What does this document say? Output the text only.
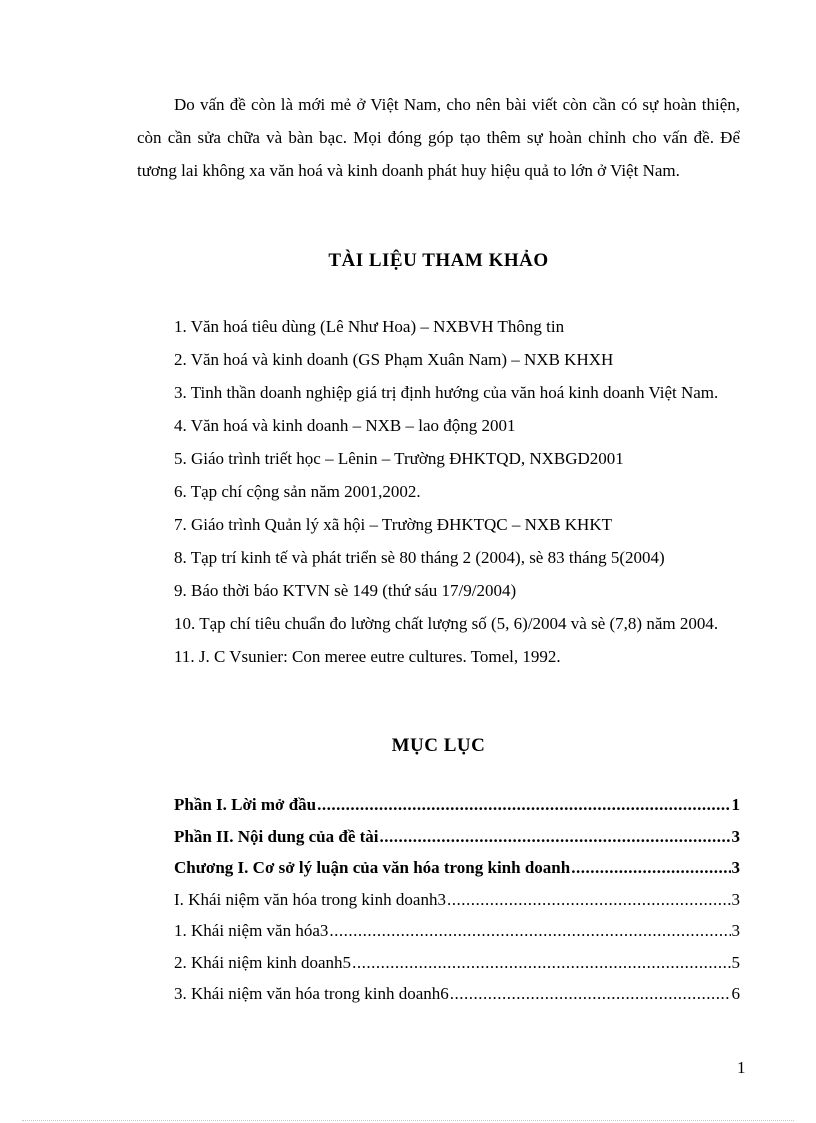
Do vấn đề còn là mới mẻ ở Việt Nam, cho nên bài viết còn cần có sự hoàn thiện, còn cần sửa chữa và bàn bạc. Mọi đóng góp tạo thêm sự hoàn chỉnh cho vấn đề. Để tương lai không xa văn hoá và kinh doanh phát huy hiệu quả to lớn ở Việt Nam.

TÀI LIỆU THAM KHẢO

1. Văn hoá tiêu dùng (Lê Như Hoa) – NXBVH Thông tin

2. Văn hoá và kinh doanh (GS Phạm Xuân Nam) – NXB KHXH

3. Tinh thần doanh nghiệp giá trị định hướng của văn hoá kinh doanh Việt Nam.

4. Văn hoá và kinh doanh – NXB – lao động 2001

5. Giáo trình triết học – Lênin – Trường ĐHKTQD, NXBGD2001

6. Tạp chí cộng sản năm 2001,2002.

7. Giáo trình Quản lý xã hội – Trường ĐHKTQC – NXB KHKT

8. Tạp trí kinh tế và phát triển sè 80 tháng 2 (2004), sè 83 tháng 5(2004)

9. Báo thời báo KTVN sè 149 (thứ sáu 17/9/2004)

10. Tạp chí tiêu chuẩn đo lường chất lượng số (5, 6)/2004 và sè (7,8) năm 2004.

11. J. C Vsunier: Con meree eutre cultures. Tomel, 1992.

MỤC LỤC
Phần I. Lời mở đầu .....	1
Phần II. Nội dung của đề tài .....	3
Chương I. Cơ sở lý luận của văn hóa trong kinh doanh .....	3
I. Khái niệm văn hóa trong kinh doanh3 .....	3
1. Khái niệm văn hóa3 .....	3
2. Khái niệm kinh doanh5 .....	5
3. Khái niệm văn hóa trong kinh doanh6 .....	6
1
